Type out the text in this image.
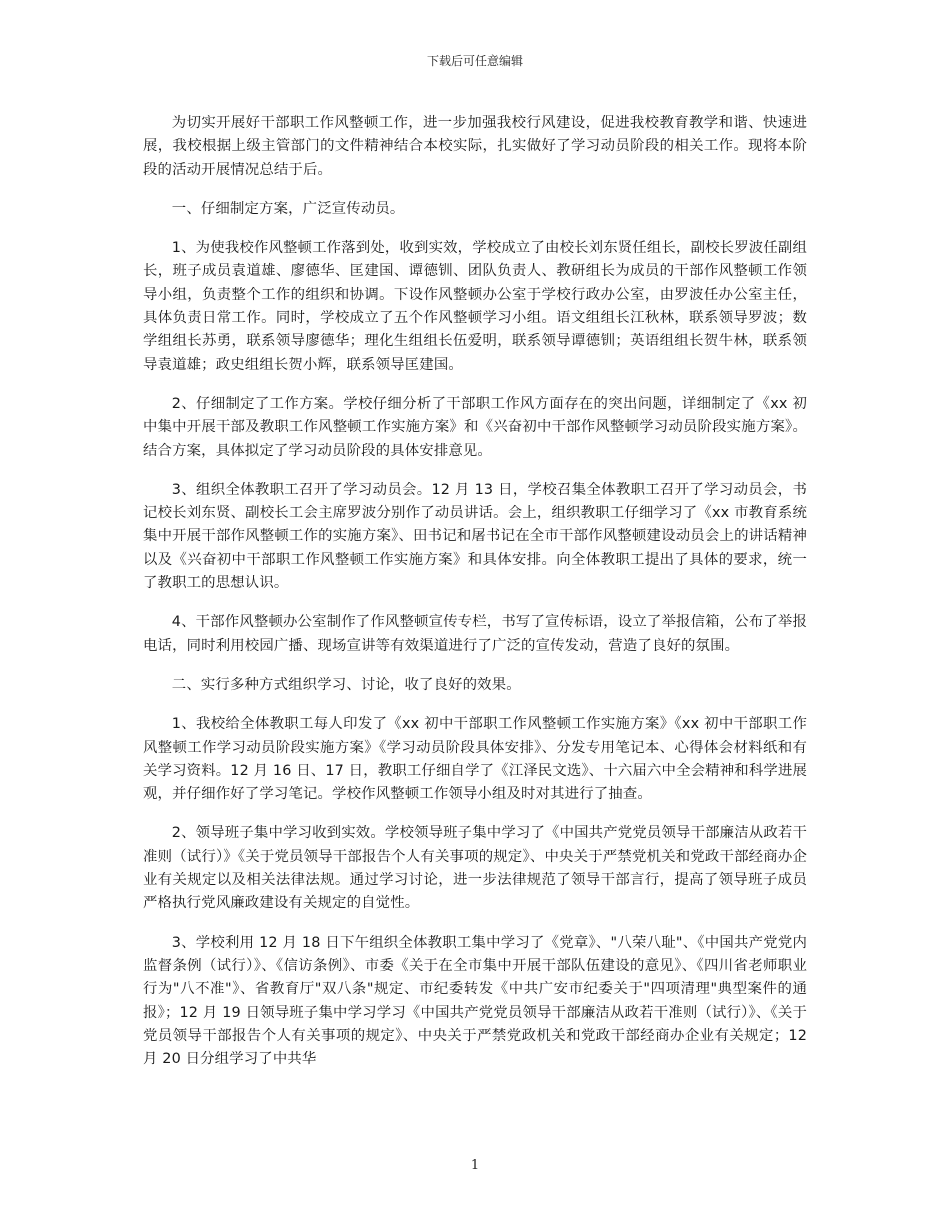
下载后可任意编辑

为切实开展好干部职工作风整顿工作，进一步加强我校行风建设，促进我校教育教学和谐、快速进展，我校根据上级主管部门的文件精神结合本校实际，扎实做好了学习动员阶段的相关工作。现将本阶段的活动开展情况总结于后。

一、仔细制定方案，广泛宣传动员。

1、为使我校作风整顿工作落到处，收到实效，学校成立了由校长刘东贤任组长，副校长罗波任副组长，班子成员袁道雄、廖德华、匡建国、谭德钏、团队负责人、教研组长为成员的干部作风整顿工作领导小组，负责整个工作的组织和协调。下设作风整顿办公室于学校行政办公室，由罗波任办公室主任，具体负责日常工作。同时，学校成立了五个作风整顿学习小组。语文组组长江秋林，联系领导罗波；数学组组长苏勇，联系领导廖德华；理化生组组长伍爱明，联系领导谭德钏；英语组组长贺牛林，联系领导袁道雄；政史组组长贺小辉，联系领导匡建国。

2、仔细制定了工作方案。学校仔细分析了干部职工作风方面存在的突出问题，详细制定了《xx 初中集中开展干部及教职工作风整顿工作实施方案》和《兴奋初中干部作风整顿学习动员阶段实施方案》。结合方案，具体拟定了学习动员阶段的具体安排意见。

3、组织全体教职工召开了学习动员会。12 月 13 日，学校召集全体教职工召开了学习动员会，书记校长刘东贤、副校长工会主席罗波分别作了动员讲话。会上，组织教职工仔细学习了《xx 市教育系统集中开展干部作风整顿工作的实施方案》、田书记和屠书记在全市干部作风整顿建设动员会上的讲话精神以及《兴奋初中干部职工作风整顿工作实施方案》和具体安排。向全体教职工提出了具体的要求，统一了教职工的思想认识。

4、干部作风整顿办公室制作了作风整顿宣传专栏，书写了宣传标语，设立了举报信箱，公布了举报电话，同时利用校园广播、现场宣讲等有效渠道进行了广泛的宣传发动，营造了良好的氛围。

二、实行多种方式组织学习、讨论，收了良好的效果。

1、我校给全体教职工每人印发了《xx 初中干部职工作风整顿工作实施方案》《xx 初中干部职工作风整顿工作学习动员阶段实施方案》《学习动员阶段具体安排》、分发专用笔记本、心得体会材料纸和有关学习资料。12 月 16 日、17 日，教职工仔细自学了《江泽民文选》、十六届六中全会精神和科学进展观，并仔细作好了学习笔记。学校作风整顿工作领导小组及时对其进行了抽查。

2、领导班子集中学习收到实效。学校领导班子集中学习了《中国共产党党员领导干部廉洁从政若干准则（试行）》《关于党员领导干部报告个人有关事项的规定》、中央关于严禁党机关和党政干部经商办企业有关规定以及相关法律法规。通过学习讨论，进一步法律规范了领导干部言行，提高了领导班子成员严格执行党风廉政建设有关规定的自觉性。

3、学校利用 12 月 18 日下午组织全体教职工集中学习了《党章》、"八荣八耻"、《中国共产党党内监督条例（试行）》、《信访条例》、市委《关于在全市集中开展干部队伍建设的意见》、《四川省老师职业行为"八不准"》、省教育厅"双八条"规定、市纪委转发《中共广安市纪委关于"四项清理"典型案件的通报》；12 月 19 日领导班子集中学习学习《中国共产党党员领导干部廉洁从政若干准则（试行）》、《关于党员领导干部报告个人有关事项的规定》、中央关于严禁党政机关和党政干部经商办企业有关规定；12 月 20 日分组学习了中共华

1
